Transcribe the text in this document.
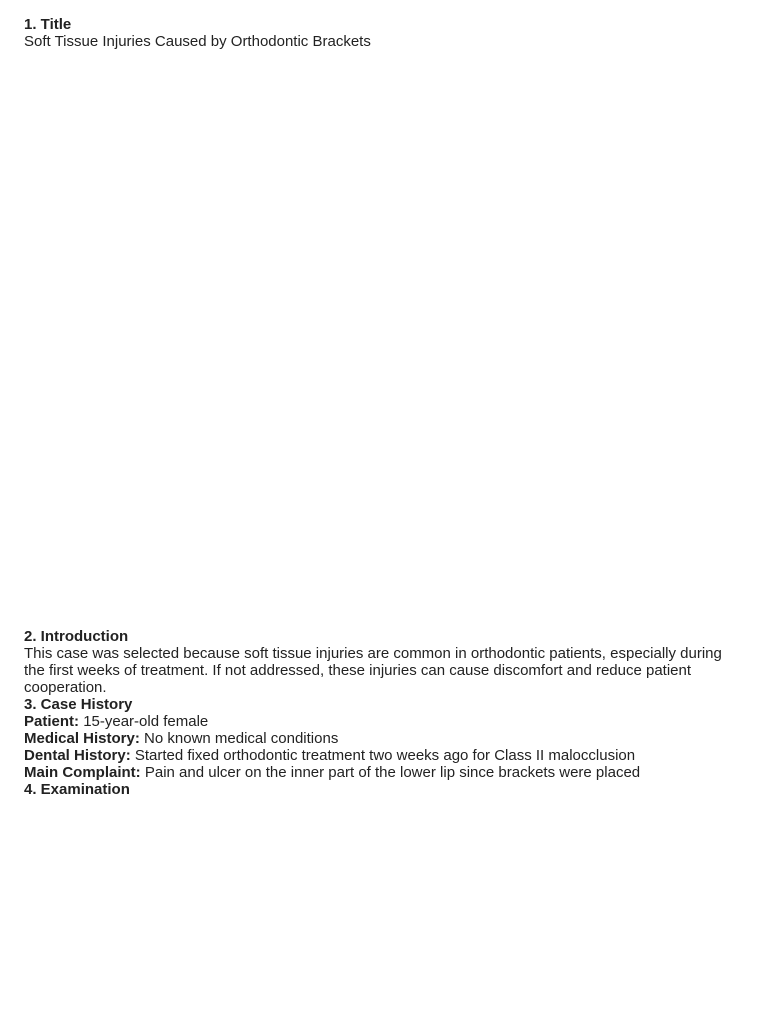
1. Title

Soft Tissue Injuries Caused by Orthodontic Brackets

2. Introduction

This case was selected because soft tissue injuries are common in orthodontic patients, especially during the first weeks of treatment. If not addressed, these injuries can cause discomfort and reduce patient cooperation.

3. Case History

Patient: 15-year-old female

Medical History: No known medical conditions

Dental History: Started fixed orthodontic treatment two weeks ago for Class II malocclusion

Main Complaint: Pain and ulcer on the inner part of the lower lip since brackets were placed

4. Examination
